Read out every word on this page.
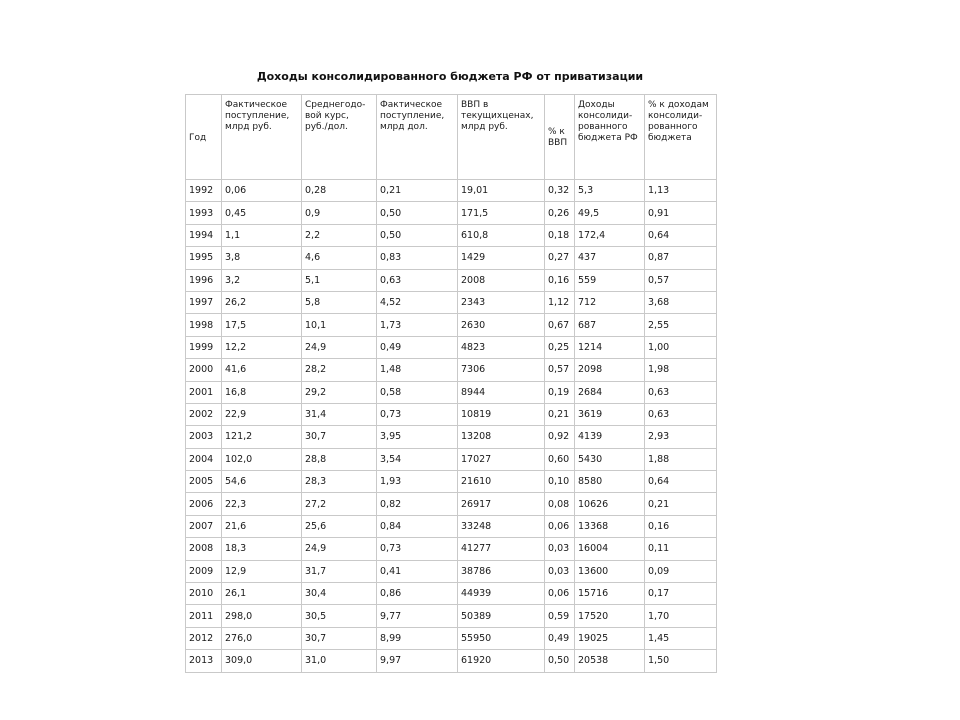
Доходы консолидированного бюджета РФ от приватизации
Год	Фактическое поступление, млрд руб.	Среднегодо-вой курс, руб./дол.	Фактическое поступление, млрд дол.	ВВП в текущихценах, млрд руб.	% к ВВП	Доходы консолиди-рованного бюджета РФ	% к доходам консолиди-рованного бюджета
1992	0,06	0,28	0,21	19,01	0,32	5,3	1,13
1993	0,45	0,9	0,50	171,5	0,26	49,5	0,91
1994	1,1	2,2	0,50	610,8	0,18	172,4	0,64
1995	3,8	4,6	0,83	1429	0,27	437	0,87
1996	3,2	5,1	0,63	2008	0,16	559	0,57
1997	26,2	5,8	4,52	2343	1,12	712	3,68
1998	17,5	10,1	1,73	2630	0,67	687	2,55
1999	12,2	24,9	0,49	4823	0,25	1214	1,00
2000	41,6	28,2	1,48	7306	0,57	2098	1,98
2001	16,8	29,2	0,58	8944	0,19	2684	0,63
2002	22,9	31,4	0,73	10819	0,21	3619	0,63
2003	121,2	30,7	3,95	13208	0,92	4139	2,93
2004	102,0	28,8	3,54	17027	0,60	5430	1,88
2005	54,6	28,3	1,93	21610	0,10	8580	0,64
2006	22,3	27,2	0,82	26917	0,08	10626	0,21
2007	21,6	25,6	0,84	33248	0,06	13368	0,16
2008	18,3	24,9	0,73	41277	0,03	16004	0,11
2009	12,9	31,7	0,41	38786	0,03	13600	0,09
2010	26,1	30,4	0,86	44939	0,06	15716	0,17
2011	298,0	30,5	9,77	50389	0,59	17520	1,70
2012	276,0	30,7	8,99	55950	0,49	19025	1,45
2013	309,0	31,0	9,97	61920	0,50	20538	1,50
